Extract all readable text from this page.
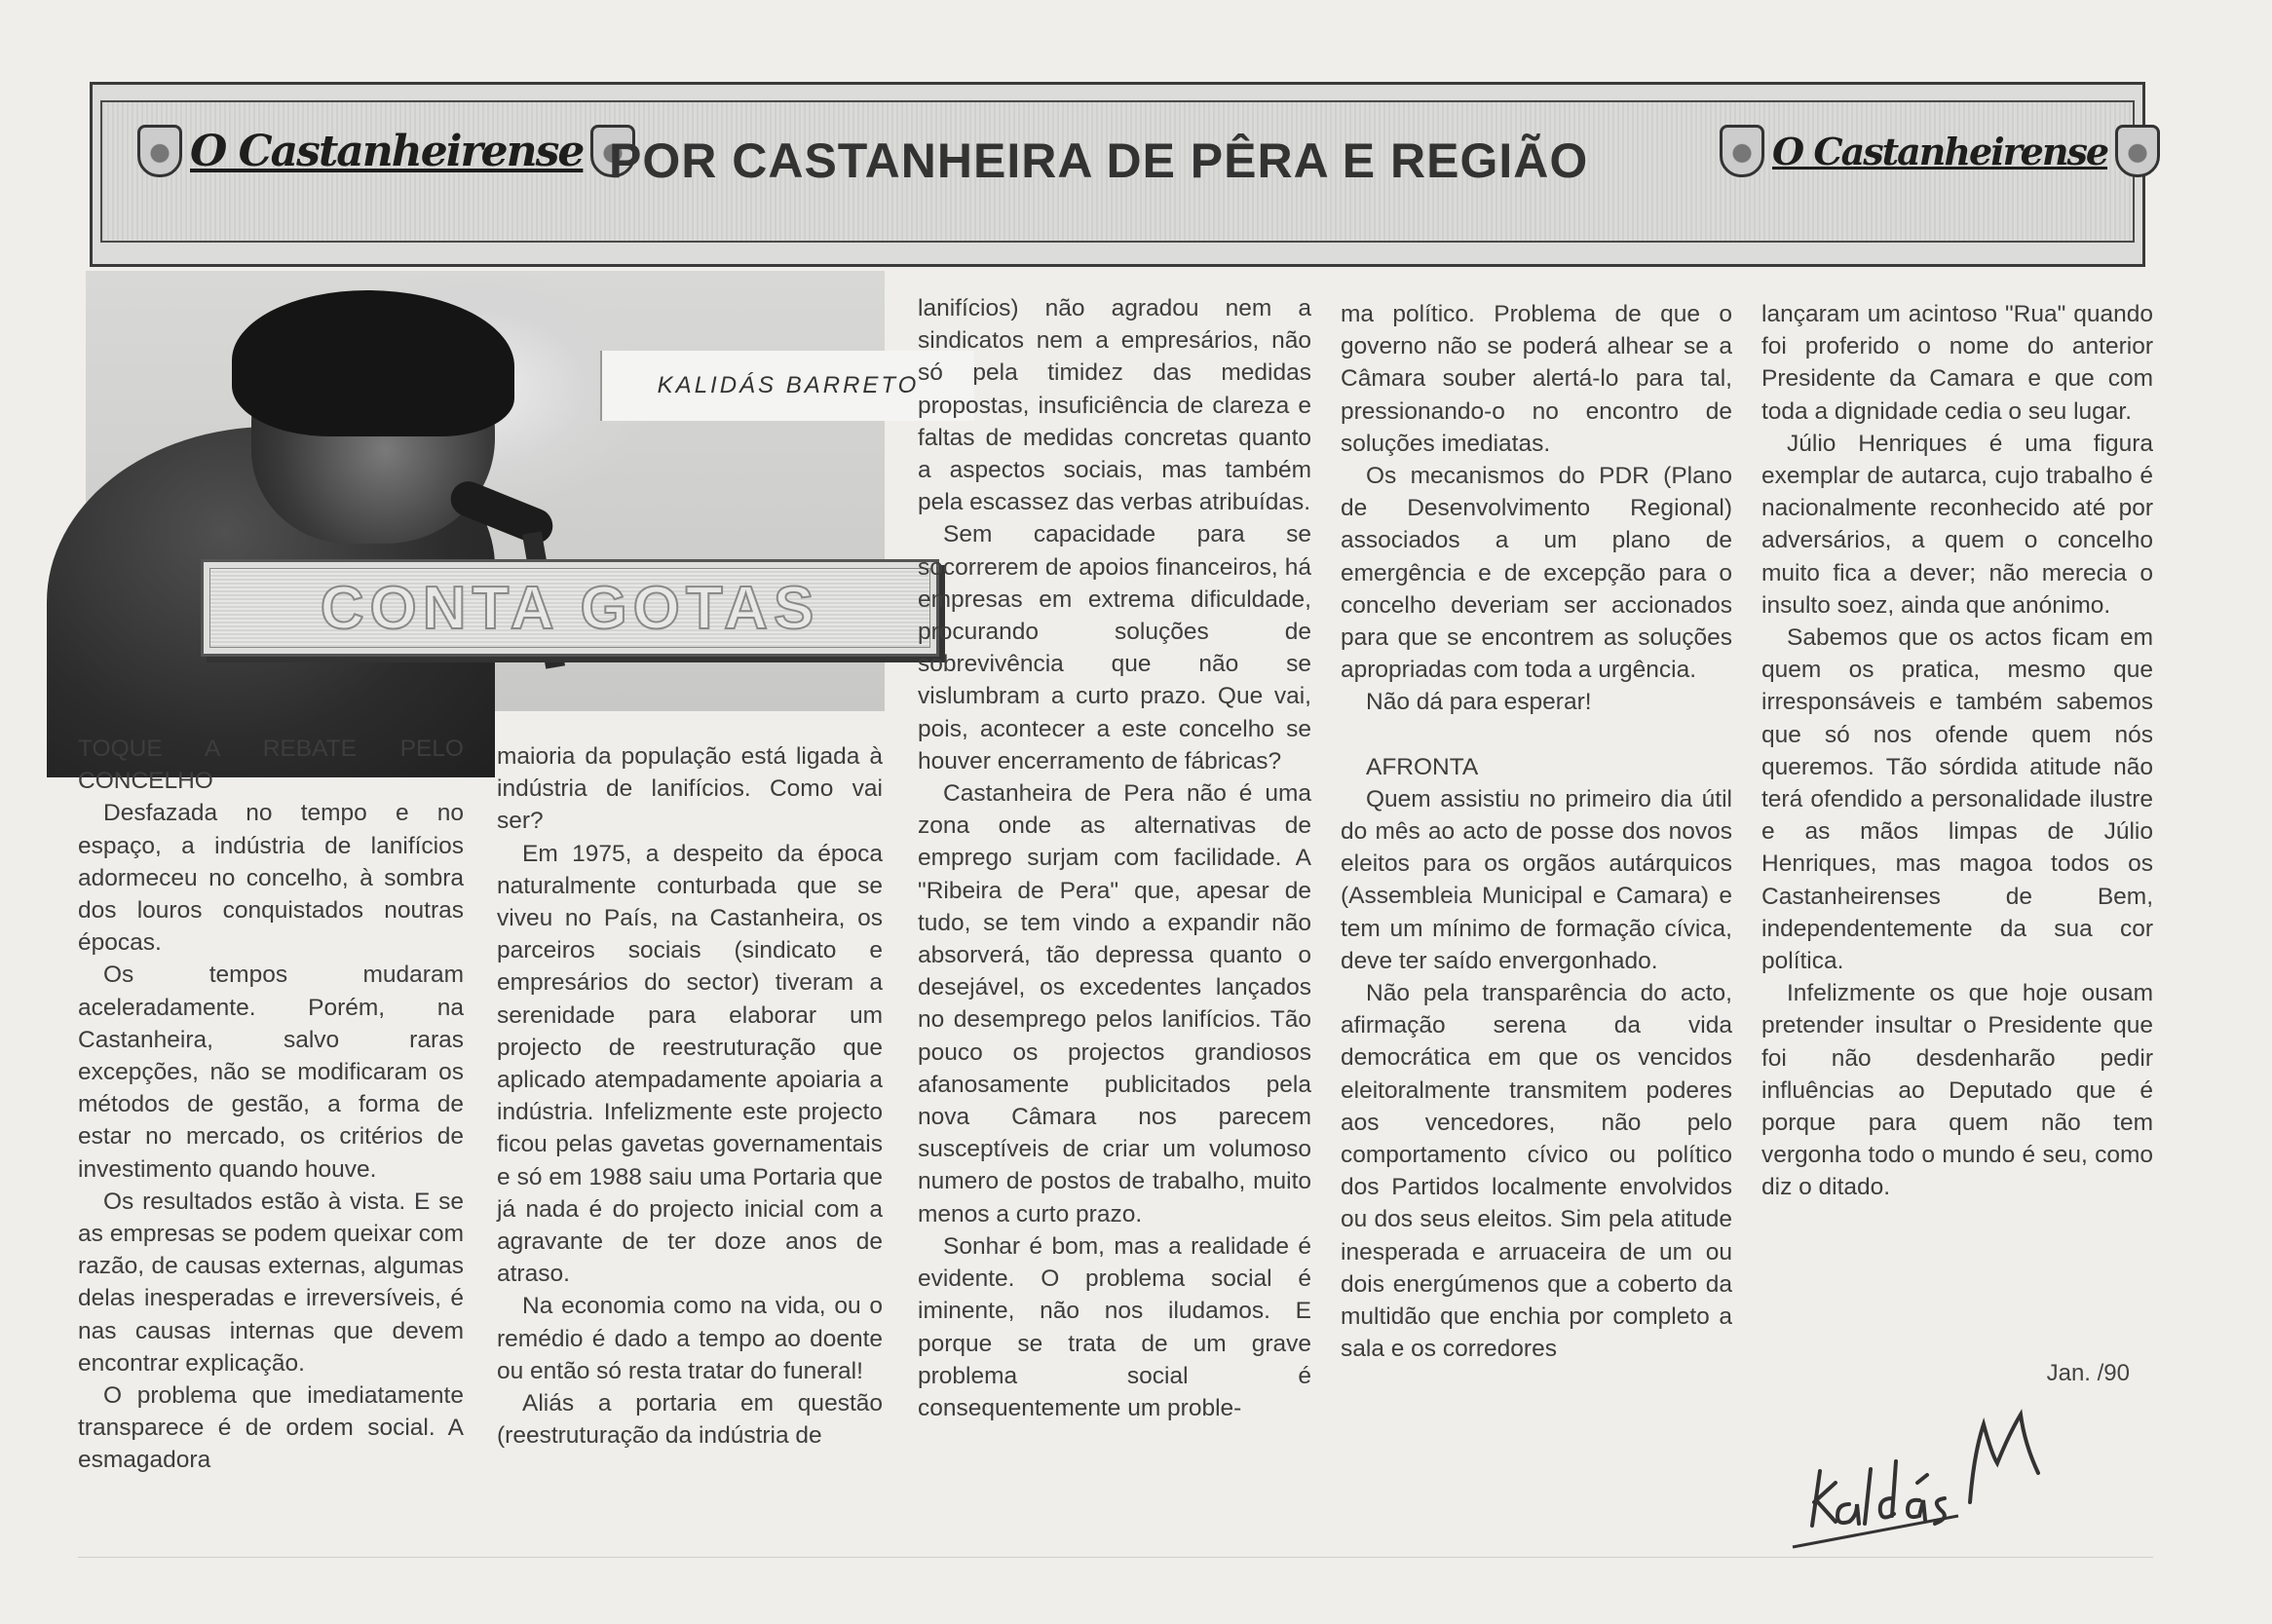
O Castanheirense POR CASTANHEIRA DE PÊRA E REGIÃO	O Castanheirense
KALIDÁS BARRETO
CONTA GOTAS

TOQUE A REBATE PELO CONCELHO

Desfazada no tempo e no espaço, a indústria de lanifícios adormeceu no concelho, à sombra dos louros conquistados noutras épocas.

Os tempos mudaram aceleradamente. Porém, na Castanheira, salvo raras excepções, não se modificaram os métodos de gestão, a forma de estar no mercado, os critérios de investimento quando houve.

Os resultados estão à vista. E se as empresas se podem queixar com razão, de causas externas, algumas delas inesperadas e irreversíveis, é nas causas internas que devem encontrar explicação.

O problema que imediatamente transparece é de ordem social. A esmagadora

maioria da população está ligada à indústria de lanifícios. Como vai ser?

Em 1975, a despeito da época naturalmente conturbada que se viveu no País, na Castanheira, os parceiros sociais (sindicato e empresários do sector) tiveram a serenidade para elaborar um projecto de reestruturação que aplicado atempadamente apoiaria a indústria. Infelizmente este projecto ficou pelas gavetas governamentais e só em 1988 saiu uma Portaria que já nada é do projecto inicial com a agravante de ter doze anos de atraso.

Na economia como na vida, ou o remédio é dado a tempo ao doente ou então só resta tratar do funeral!

Aliás a portaria em questão (reestruturação da indústria de

lanifícios) não agradou nem a sindicatos nem a empresários, não só pela timidez das medidas propostas, insuficiência de clareza e faltas de medidas concretas quanto a aspectos sociais, mas também pela escassez das verbas atribuídas.

Sem capacidade para se socorrerem de apoios financeiros, há empresas em extrema dificuldade, procurando soluções de sobrevivência que não se vislumbram a curto prazo. Que vai, pois, acontecer a este concelho se houver encerramento de fábricas?

Castanheira de Pera não é uma zona onde as alternativas de emprego surjam com facilidade. A "Ribeira de Pera" que, apesar de tudo, se tem vindo a expandir não absorverá, tão depressa quanto o desejável, os excedentes lançados no desemprego pelos lanifícios. Tão pouco os projectos grandiosos afanosamente publicitados pela nova Câmara nos parecem susceptíveis de criar um volumoso numero de postos de trabalho, muito menos a curto prazo.

Sonhar é bom, mas a realidade é evidente. O problema social é iminente, não nos iludamos. E porque se trata de um grave problema social é consequentemente um proble-

ma político. Problema de que o governo não se poderá alhear se a Câmara souber alertá-lo para tal, pressionando-o no encontro de soluções imediatas.

Os mecanismos do PDR (Plano de Desenvolvimento Regional) associados a um plano de emergência e de excepção para o concelho deveriam ser accionados para que se encontrem as soluções apropriadas com toda a urgência.

Não dá para esperar!

AFRONTA

Quem assistiu no primeiro dia útil do mês ao acto de posse dos novos eleitos para os orgãos autárquicos (Assembleia Municipal e Camara) e tem um mínimo de formação cívica, deve ter saído envergonhado.

Não pela transparência do acto, afirmação serena da vida democrática em que os vencidos eleitoralmente transmitem poderes aos vencedores, não pelo comportamento cívico ou político dos Partidos localmente envolvidos ou dos seus eleitos. Sim pela atitude inesperada e arruaceira de um ou dois energúmenos que a coberto da multidão que enchia por completo a sala e os corredores

lançaram um acintoso "Rua" quando foi proferido o nome do anterior Presidente da Camara e que com toda a dignidade cedia o seu lugar.

Júlio Henriques é uma figura exemplar de autarca, cujo trabalho é nacionalmente reconhecido até por adversários, a quem o concelho muito fica a dever; não merecia o insulto soez, ainda que anónimo.

Sabemos que os actos ficam em quem os pratica, mesmo que irresponsáveis e também sabemos que só nos ofende quem nós queremos. Tão sórdida atitude não terá ofendido a personalidade ilustre e as mãos limpas de Júlio Henriques, mas magoa todos os Castanheirenses de Bem, independentemente da sua cor política.

Infelizmente os que hoje ousam pretender insultar o Presidente que foi não desdenharão pedir influências ao Deputado que é porque para quem não tem vergonha todo o mundo é seu, como diz o ditado.

Jan. /90
